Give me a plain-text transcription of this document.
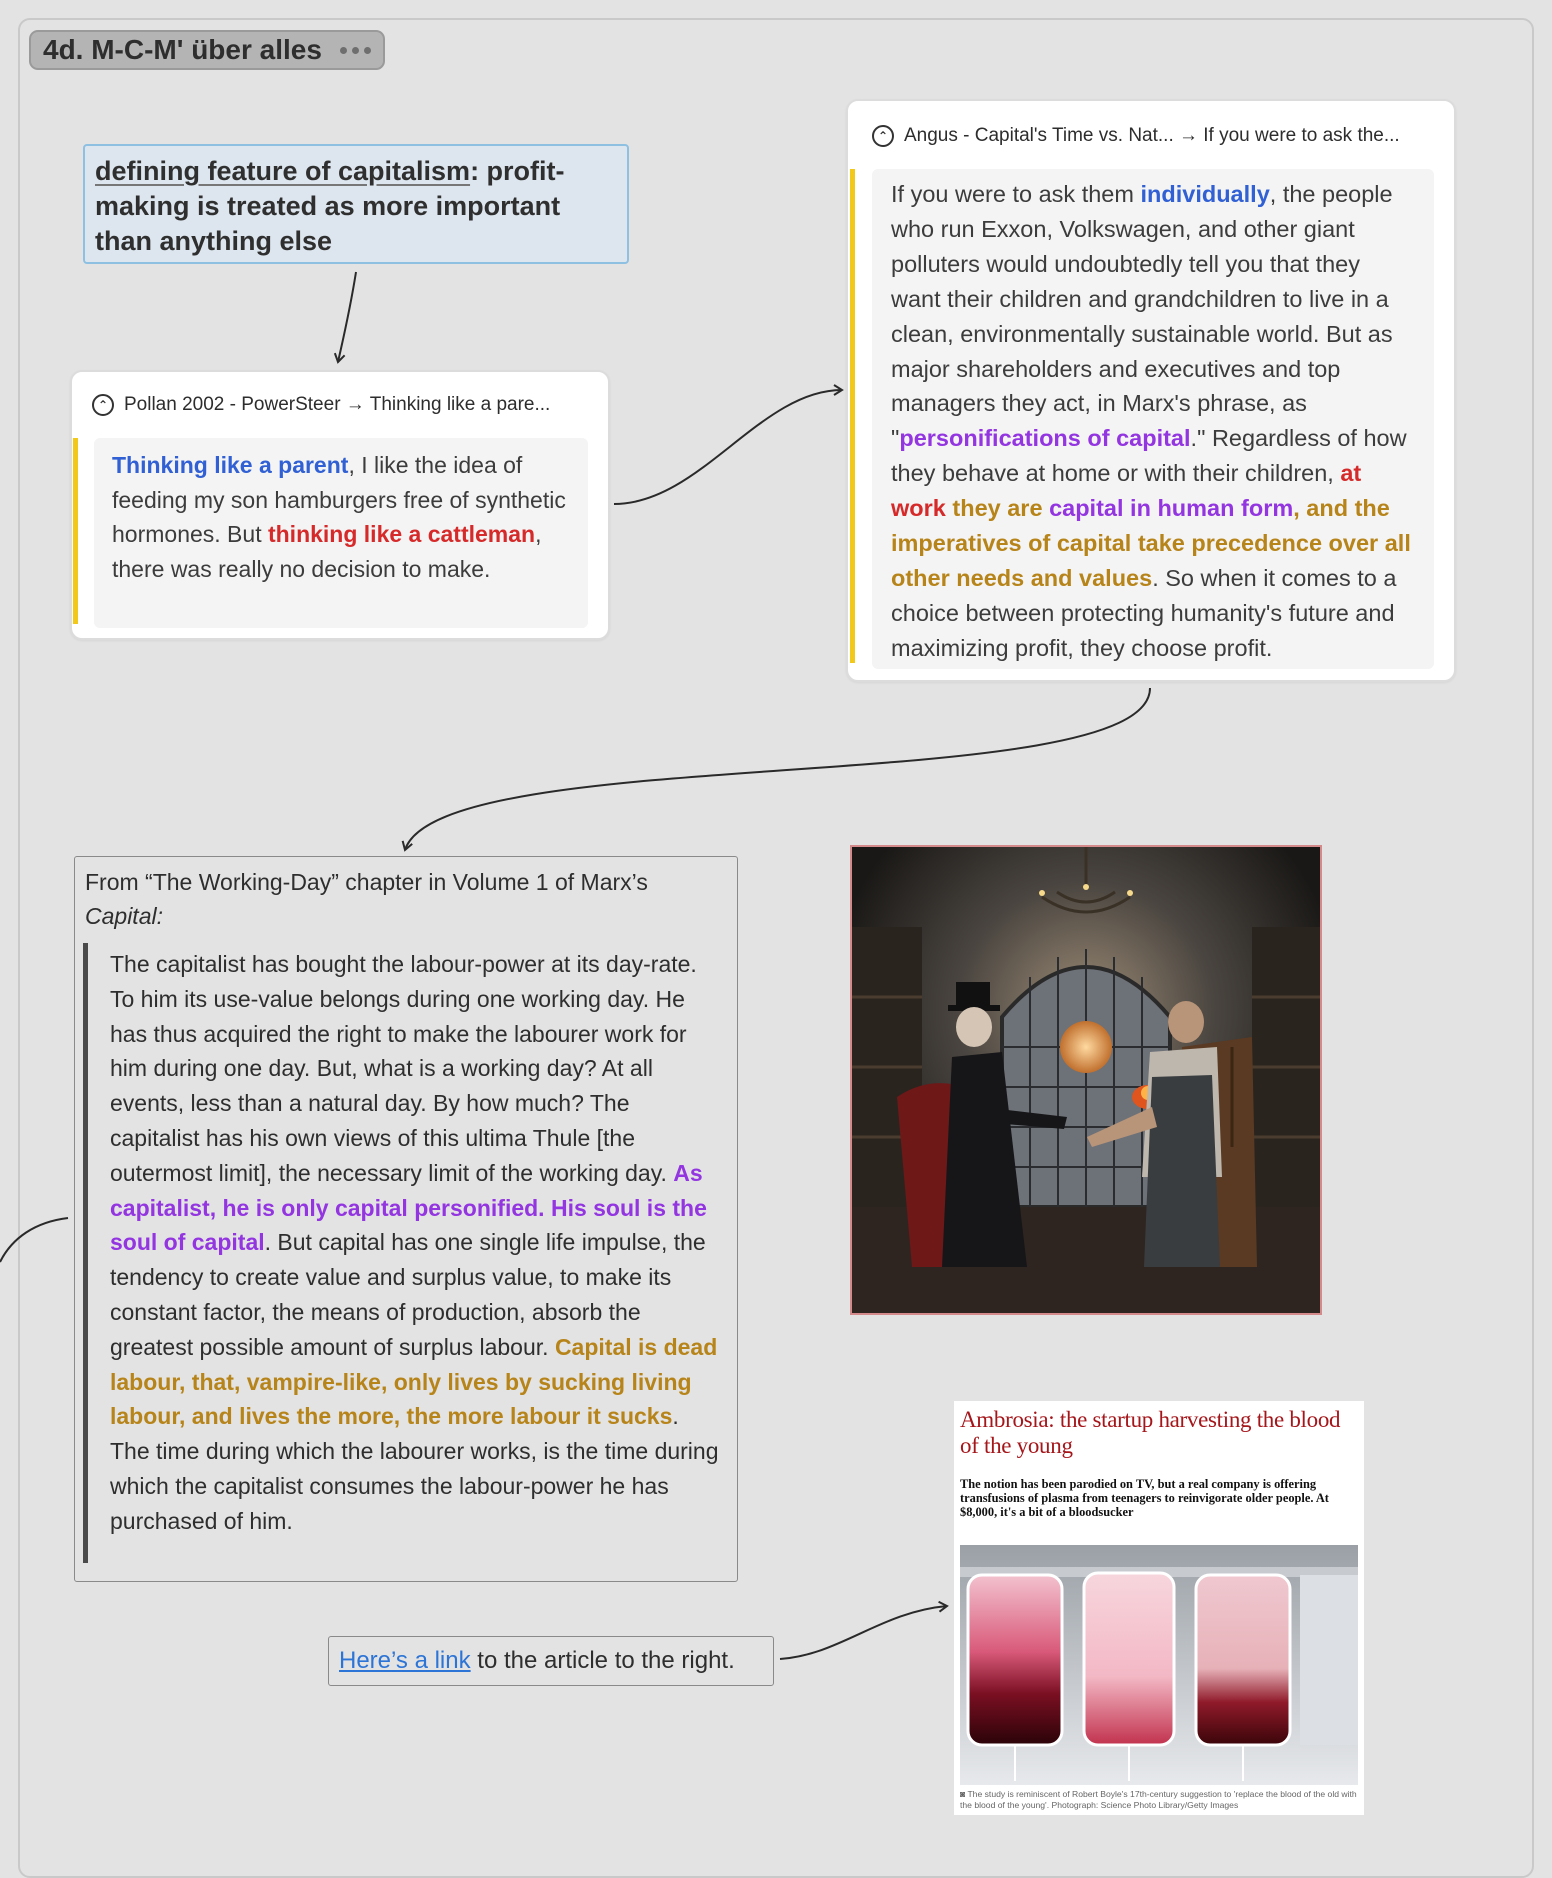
4d. M-C-M' über alles
defining feature of capitalism: profit-making is treated as more important than anything else
⌃ Pollan 2002 - PowerSteer → Thinking like a pare...
Thinking like a parent, I like the idea of feeding my son hamburgers free of synthetic hormones. But thinking like a cattleman, there was really no decision to make.
⌃ Angus - Capital's Time vs. Nat... → If you were to ask the...
If you were to ask them individually, the people who run Exxon, Volkswagen, and other giant polluters would undoubtedly tell you that they want their children and grandchildren to live in a clean, environmentally sustainable world. But as major shareholders and executives and top managers they act, in Marx's phrase, as "personifications of capital." Regardless of how they behave at home or with their children, at work they are capital in human form, and the imperatives of capital take precedence over all other needs and values. So when it comes to a choice between protecting humanity's future and maximizing profit, they choose profit.
From “The Working-Day” chapter in Volume 1 of Marx’s Capital:
The capitalist has bought the labour-power at its day-rate. To him its use-value belongs during one working day. He has thus acquired the right to make the labourer work for him during one day. But, what is a working day? At all events, less than a natural day. By how much? The capitalist has his own views of this ultima Thule [the outermost limit], the necessary limit of the working day. As capitalist, he is only capital personified. His soul is the soul of capital. But capital has one single life impulse, the tendency to create value and surplus value, to make its constant factor, the means of production, absorb the greatest possible amount of surplus labour. Capital is dead labour, that, vampire-like, only lives by sucking living labour, and lives the more, the more labour it sucks. The time during which the labourer works, is the time during which the capitalist consumes the labour-power he has purchased of him.
Here’s a link to the article to the right.
Ambrosia: the startup harvesting the blood of the young
The notion has been parodied on TV, but a real company is offering transfusions of plasma from teenagers to reinvigorate older people. At $8,000, it's a bit of a bloodsucker
◙ The study is reminiscent of Robert Boyle's 17th-century suggestion to 'replace the blood of the old with the blood of the young'. Photograph: Science Photo Library/Getty Images
